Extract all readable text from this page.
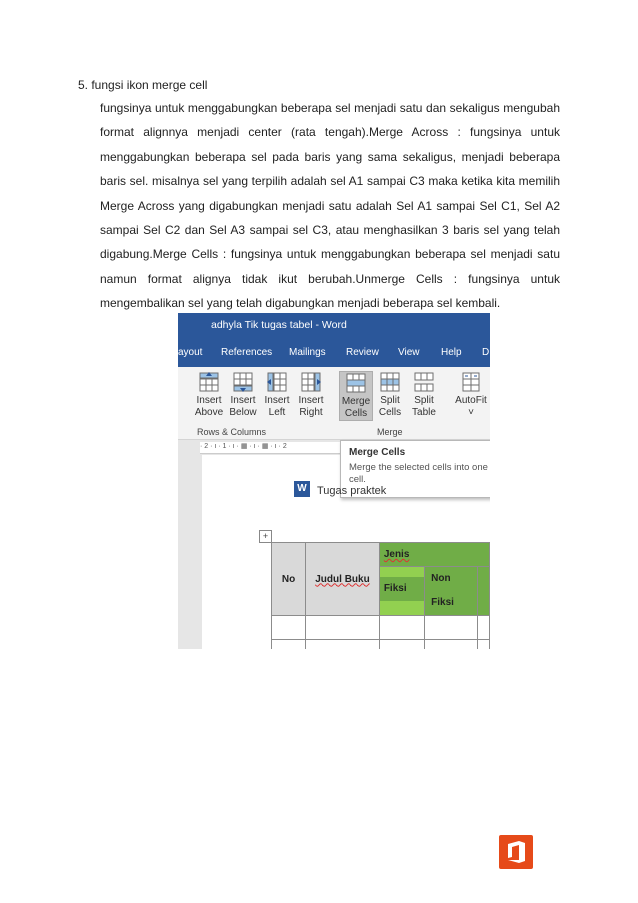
5. fungsi ikon merge cell
fungsinya untuk menggabungkan beberapa sel menjadi satu dan sekaligus mengubah format alignnya menjadi center (rata tengah).Merge Across : fungsinya untuk menggabungkan beberapa sel pada baris yang sama sekaligus, menjadi beberapa baris sel. misalnya sel yang terpilih adalah sel A1 sampai C3 maka ketika kita memilih Merge Across yang digabungkan menjadi satu adalah Sel A1 sampai Sel C1, Sel A2 sampai Sel C2 dan Sel A3 sampai sel C3, atau menghasilkan 3 baris sel yang telah digabung.Merge Cells : fungsinya untuk menggabungkan beberapa sel menjadi satu namun format alignya tidak ikut berubah.Unmerge Cells : fungsinya untuk mengembalikan sel yang telah digabungkan menjadi beberapa sel kembali.
adhyla Tik tugas tabel - Word
ayout References Mailings Review View Help D
Insert
Above
Insert
Below
Insert
Left
Insert
Right
Merge
Cells
Split
Cells
Split
Table
AutoFit
˅
Rows & Columns	Merge
· 2 · ı · 1 · ı · ▦ · ı · ▦ · ı · 2
Merge Cells
Merge the selected cells into one cell.
W Tugas praktek
+
No	Judul Buku	Jenis		

		Fiksi	Non
Fiksi	
